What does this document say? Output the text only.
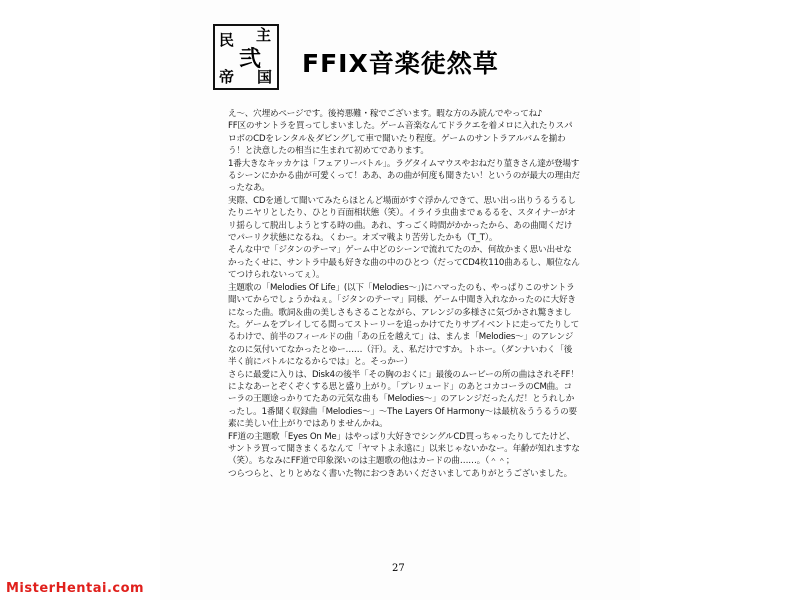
民 主
弐
帝 国 FFIX音楽徒然草

え～、穴埋めページです。後袴悪難・稼でございます。暇な方のみ読んでやってね♪

FF区のサントラを買ってしまいました。ゲーム音楽なんてドラクエを着メロに入れたりスパロボのCDをレンタル＆ダビングして車で聞いたり程度。ゲームのサントラアルバムを揃わう！と決意したの相当に生まれて初めてであります。

1番大きなキッカケは「フェアリーバトル」。ラグタイムマウスやおねだり菫きさん達が登場するシーンにかかる曲が可愛くって！ああ、あの曲が何度も聞きたい！というのが最大の理由だったなあ。

実際、CDを通して聞いてみたらほとんど場面がすぐ浮かんできて、思い出っ出りうるうるしたりニヤリとしたり、ひとり百面相状態（笑）。イライラ虫曲までぁるるを、スタイナーがオリ揺らして脱出しようとする時の曲。あれ、すっごく時間がかかったから、あの曲聞くだけでパーリク状態になるね。くわー。オズマ戦より苦労したかも（T_T）。

そんな中で「ジタンのテーマ」ゲーム中どのシーンで流れてたのか、何故かまく思い出せなかったくせに、サントラ中最も好きな曲の中のひとつ（だってCD4枚110曲あるし、順位なんてつけられないってぇ）。

主題歌の「Melodies Of Life」(以下「Melodies～」)にハマったのも、やっぱりこのサントラ聞いてからでしょうかねぇ。「ジタンのテーマ」同様、ゲーム中聞き入れなかったのに大好きになった曲。歌詞＆曲の美しさもさることながら、アレンジの多様さに気づかされ驚きました。ゲームをプレイしてる間ってストーリーを追っかけてたりサブイベントに走ってたりしてるわけで、前半のフィールドの曲「あの丘を越えて」は、まんま「Melodies～」のアレンジなのに気付いてなかったとゆー……（汗）。え、私だけですか。トホー。（ダンナいわく「後半く前にバトルになるからでは」と。そっかー）

さらに最愛に入りは、Disk4の後半「その胸のおくに」最後のムービーの所の曲はされそFF！によなあーとぞくぞくする思と盛り上がり。「プレリュード」のあとコカコーラのCM曲。コーラの王題途っかりてたあの元気な曲も「Melodies～」のアレンジだったんだ！とうれしかったし。1番聞く収録曲「Melodies～」～The Layers Of Harmony～は最杭＆ううるうの要素に美しい仕上がりではありませんかね。

FF道の主題歌「Eyes On Me」はやっぱり大好きでシングルCD買っちゃったりしてたけど、サントラ買って聞きまくるなんて「ヤマトよ永遠に」以来じゃないかなー。年齢が知れますな（笑）。ちなみにFF道で印象深いのは主題歌の他はカードの曲……。（＾＾；

つらつらと、とりとめなく書いた物におつきあいくださいましてありがとうございました。

27
MisterHentai.com
